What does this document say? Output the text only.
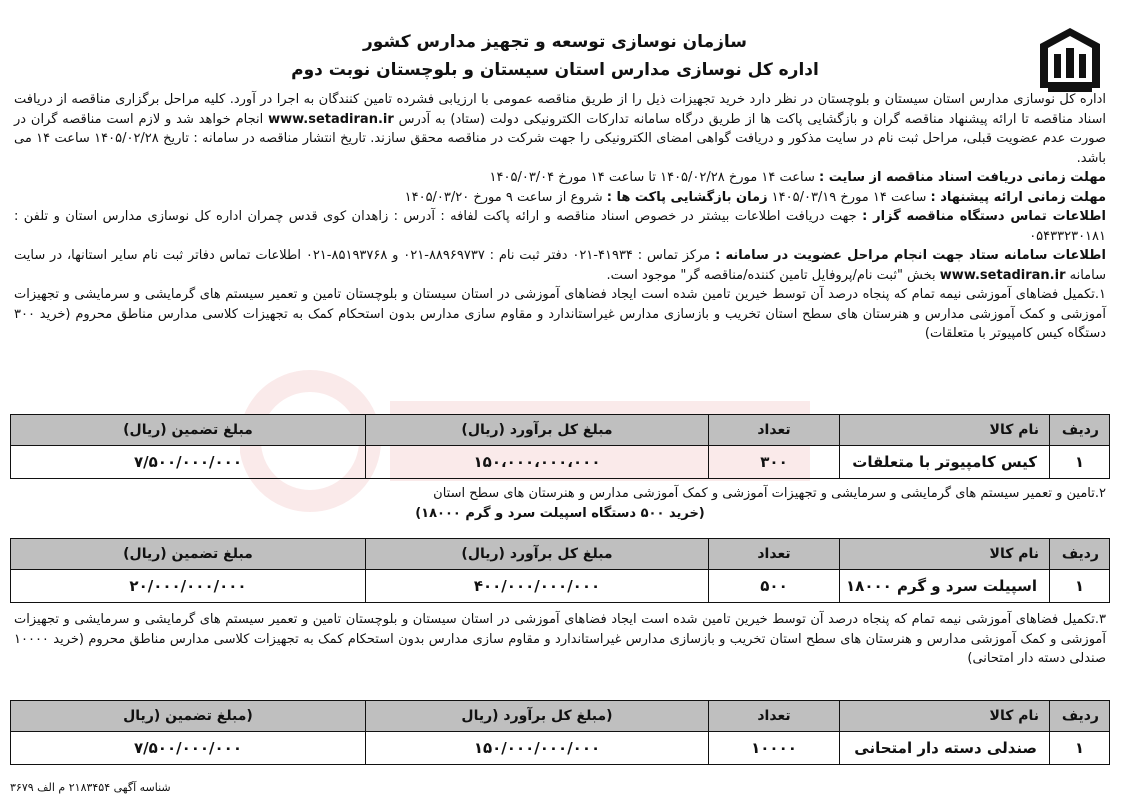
سازمان نوسازی توسعه و تجهیز مدارس کشور
اداره کل نوسازی مدارس استان سیستان و بلوچستان نوبت دوم

اداره کل نوسازی مدارس استان سیستان و بلوچستان در نظر دارد خرید تجهیزات ذیل را از طریق مناقصه عمومی با ارزیابی فشرده تامین کنندگان به اجرا در آورد. کلیه مراحل برگزاری مناقصه از دریافت اسناد مناقصه تا ارائه پیشنهاد مناقصه گران و بازگشایی پاکت ها از طریق درگاه سامانه تدارکات الکترونیکی دولت (ستاد) به آدرس www.setadiran.ir انجام خواهد شد و لازم است مناقصه گران در صورت عدم عضویت قبلی، مراحل ثبت نام در سایت مذکور و دریافت گواهی امضای الکترونیکی را جهت شرکت در مناقصه محقق سازند. تاریخ انتشار مناقصه در سامانه : تاریخ ۱۴۰۵/۰۲/۲۸ ساعت ۱۴ می باشد.

مهلت زمانی دریافت اسناد مناقصه از سایت : ساعت ۱۴ مورخ ۱۴۰۵/۰۲/۲۸ تا ساعت ۱۴ مورخ ۱۴۰۵/۰۳/۰۴

مهلت زمانی ارائه پیشنهاد : ساعت ۱۴ مورخ ۱۴۰۵/۰۳/۱۹ زمان بازگشایی پاکت ها : شروع از ساعت ۹ مورخ ۱۴۰۵/۰۳/۲۰

اطلاعات تماس دستگاه مناقصه گزار : جهت دریافت اطلاعات بیشتر در خصوص اسناد مناقصه و ارائه پاکت لفافه : آدرس : زاهدان کوی قدس چمران اداره کل نوسازی مدارس استان و تلفن : ۰۵۴۳۳۲۳۰۱۸۱

اطلاعات سامانه ستاد جهت انجام مراحل عضویت در سامانه : مرکز تماس : ۴۱۹۳۴-۰۲۱ دفتر ثبت نام : ۸۸۹۶۹۷۳۷-۰۲۱ و ۸۵۱۹۳۷۶۸-۰۲۱ اطلاعات تماس دفاتر ثبت نام سایر استانها، در سایت سامانه www.setadiran.ir بخش "ثبت نام/پروفایل تامین کننده/مناقصه گر" موجود است.

۱.تکمیل فضاهای آموزشی نیمه تمام که پنجاه درصد آن توسط خیرین تامین شده است ایجاد فضاهای آموزشی در استان سیستان و بلوچستان تامین و تعمیر سیستم های گرمایشی و سرمایشی و تجهیزات آموزشی و کمک آموزشی مدارس و هنرستان های سطح استان تخریب و بازسازی مدارس غیراستاندارد و مقاوم سازی مدارس بدون استحکام کمک به تجهیزات کلاسی مدارس مناطق محروم (خرید ۳۰۰ دستگاه کیس کامپیوتر با متعلقات)

ردیف	نام کالا	تعداد	مبلغ کل برآورد (ریال)	مبلغ تضمین (ریال)
۱	کیس کامپیوتر با متعلقات	۳۰۰	۱۵۰،۰۰۰،۰۰۰،۰۰۰	۷/۵۰۰/۰۰۰/۰۰۰
۲.تامین و تعمیر سیستم های گرمایشی و سرمایشی و تجهیزات آموزشی و کمک آموزشی مدارس و هنرستان های سطح استان
(خرید ۵۰۰ دستگاه اسپیلت سرد و گرم ۱۸۰۰۰)
ردیف	نام کالا	تعداد	مبلغ کل برآورد (ریال)	مبلغ تضمین (ریال)
۱	اسپیلت سرد و گرم ۱۸۰۰۰	۵۰۰	۴۰۰/۰۰۰/۰۰۰/۰۰۰	۲۰/۰۰۰/۰۰۰/۰۰۰
۳.تکمیل فضاهای آموزشی نیمه تمام که پنجاه درصد آن توسط خیرین تامین شده است ایجاد فضاهای آموزشی در استان سیستان و بلوچستان تامین و تعمیر سیستم های گرمایشی و سرمایشی و تجهیزات آموزشی و کمک آموزشی مدارس و هنرستان های سطح استان تخریب و بازسازی مدارس غیراستاندارد و مقاوم سازی مدارس بدون استحکام کمک به تجهیزات کلاسی مدارس مناطق محروم (خرید ۱۰۰۰۰ صندلی دسته دار امتحانی)
ردیف	نام کالا	تعداد	(مبلغ کل برآورد (ریال	(مبلغ تضمین (ریال
۱	صندلی دسته دار امتحانی	۱۰۰۰۰	۱۵۰/۰۰۰/۰۰۰/۰۰۰	۷/۵۰۰/۰۰۰/۰۰۰
شناسه آگهی ۲۱۸۳۴۵۴ م الف ۳۶۷۹
